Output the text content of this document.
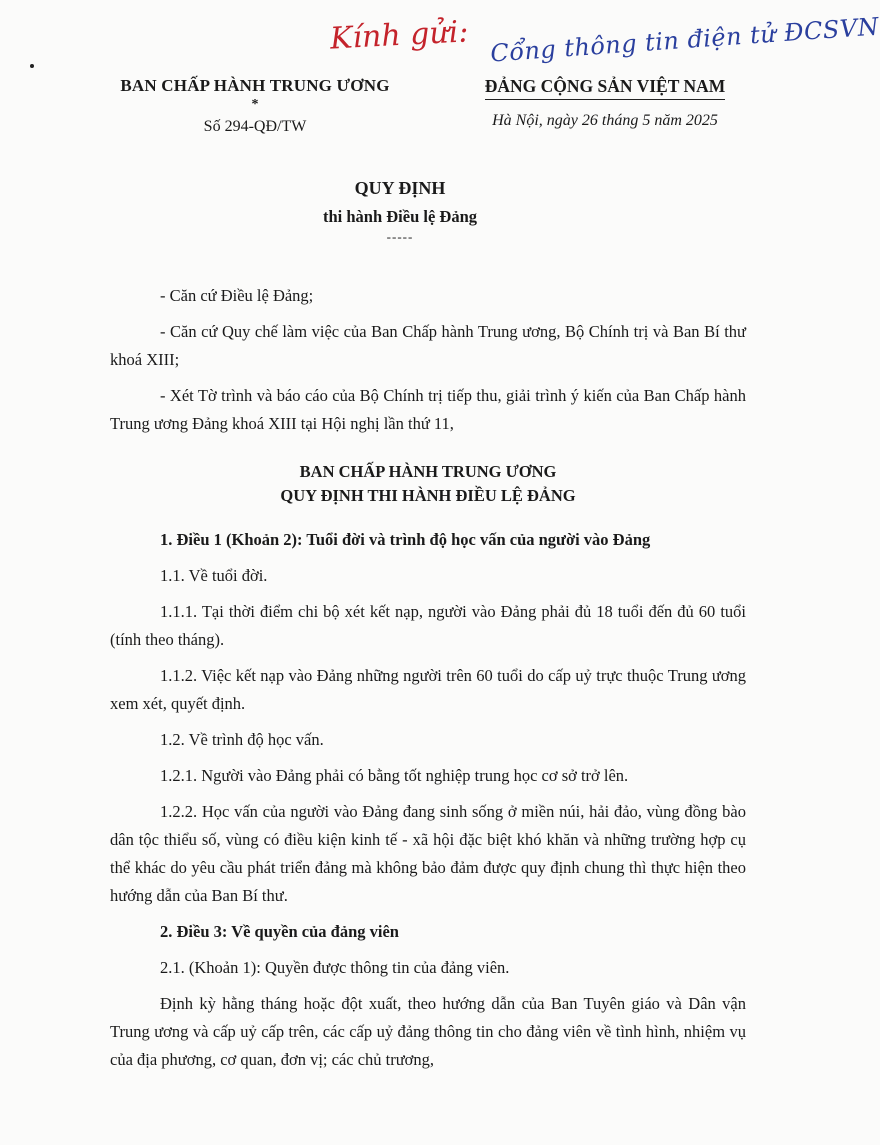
Kính gửi: Cổng thông tin điện tử ĐCSVN
BAN CHẤP HÀNH TRUNG ƯƠNG
*
Số 294-QĐ/TW
ĐẢNG CỘNG SẢN VIỆT NAM
Hà Nội, ngày 26 tháng 5 năm 2025
QUY ĐỊNH
thi hành Điều lệ Đảng
-----

- Căn cứ Điều lệ Đảng;

- Căn cứ Quy chế làm việc của Ban Chấp hành Trung ương, Bộ Chính trị và Ban Bí thư khoá XIII;

- Xét Tờ trình và báo cáo của Bộ Chính trị tiếp thu, giải trình ý kiến của Ban Chấp hành Trung ương Đảng khoá XIII tại Hội nghị lần thứ 11,

BAN CHẤP HÀNH TRUNG ƯƠNG
QUY ĐỊNH THI HÀNH ĐIỀU LỆ ĐẢNG

1. Điều 1 (Khoản 2): Tuổi đời và trình độ học vấn của người vào Đảng

1.1. Về tuổi đời.

1.1.1. Tại thời điểm chi bộ xét kết nạp, người vào Đảng phải đủ 18 tuổi đến đủ 60 tuổi (tính theo tháng).

1.1.2. Việc kết nạp vào Đảng những người trên 60 tuổi do cấp uỷ trực thuộc Trung ương xem xét, quyết định.

1.2. Về trình độ học vấn.

1.2.1. Người vào Đảng phải có bằng tốt nghiệp trung học cơ sở trở lên.

1.2.2. Học vấn của người vào Đảng đang sinh sống ở miền núi, hải đảo, vùng đồng bào dân tộc thiểu số, vùng có điều kiện kinh tế - xã hội đặc biệt khó khăn và những trường hợp cụ thể khác do yêu cầu phát triển đảng mà không bảo đảm được quy định chung thì thực hiện theo hướng dẫn của Ban Bí thư.

2. Điều 3: Về quyền của đảng viên

2.1. (Khoản 1): Quyền được thông tin của đảng viên.

Định kỳ hằng tháng hoặc đột xuất, theo hướng dẫn của Ban Tuyên giáo và Dân vận Trung ương và cấp uỷ cấp trên, các cấp uỷ đảng thông tin cho đảng viên về tình hình, nhiệm vụ của địa phương, cơ quan, đơn vị; các chủ trương,
